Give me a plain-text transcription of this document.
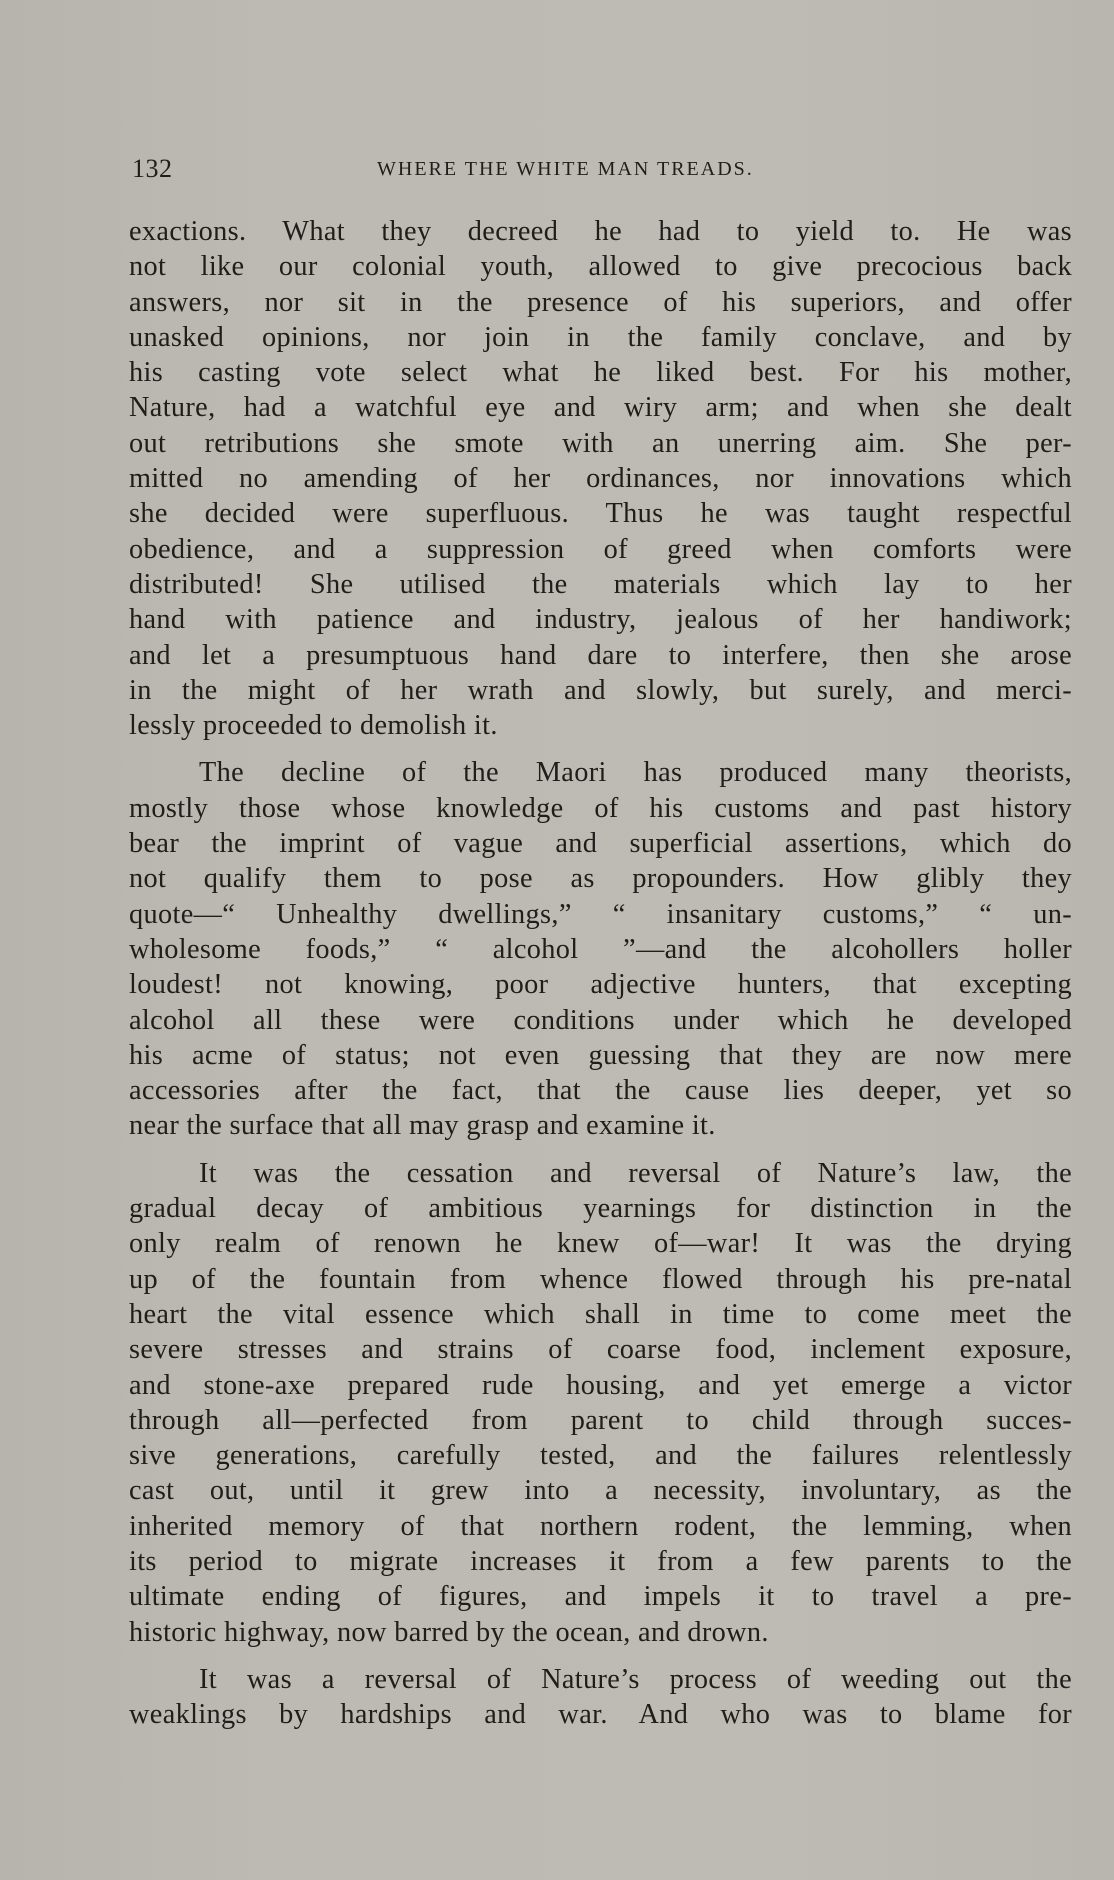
132	WHERE THE WHITE MAN TREADS.
exactions. What they decreed he had to yield to. He was
not like our colonial youth, allowed to give precocious back
answers, nor sit in the presence of his superiors, and offer
unasked opinions, nor join in the family conclave, and by
his casting vote select what he liked best. For his mother,
Nature, had a watchful eye and wiry arm; and when she dealt
out retributions she smote with an unerring aim. She per-
mitted no amending of her ordinances, nor innovations which
she decided were superfluous. Thus he was taught respectful
obedience, and a suppression of greed when comforts were
distributed! She utilised the materials which lay to her
hand with patience and industry, jealous of her handiwork;
and let a presumptuous hand dare to interfere, then she arose
in the might of her wrath and slowly, but surely, and merci-
lessly proceeded to demolish it.
The decline of the Maori has produced many theorists,
mostly those whose knowledge of his customs and past history
bear the imprint of vague and superficial assertions, which do
not qualify them to pose as propounders. How glibly they
quote—“ Unhealthy dwellings,” “ insanitary customs,” “ un-
wholesome foods,” “ alcohol ”—and the alcohollers holler
loudest! not knowing, poor adjective hunters, that excepting
alcohol all these were conditions under which he developed
his acme of status; not even guessing that they are now mere
accessories after the fact, that the cause lies deeper, yet so
near the surface that all may grasp and examine it.
It was the cessation and reversal of Nature’s law, the
gradual decay of ambitious yearnings for distinction in the
only realm of renown he knew of—war! It was the drying
up of the fountain from whence flowed through his pre-natal
heart the vital essence which shall in time to come meet the
severe stresses and strains of coarse food, inclement exposure,
and stone-axe prepared rude housing, and yet emerge a victor
through all—perfected from parent to child through succes-
sive generations, carefully tested, and the failures relentlessly
cast out, until it grew into a necessity, involuntary, as the
inherited memory of that northern rodent, the lemming, when
its period to migrate increases it from a few parents to the
ultimate ending of figures, and impels it to travel a pre-
historic highway, now barred by the ocean, and drown.
It was a reversal of Nature’s process of weeding out the
weaklings by hardships and war. And who was to blame for
